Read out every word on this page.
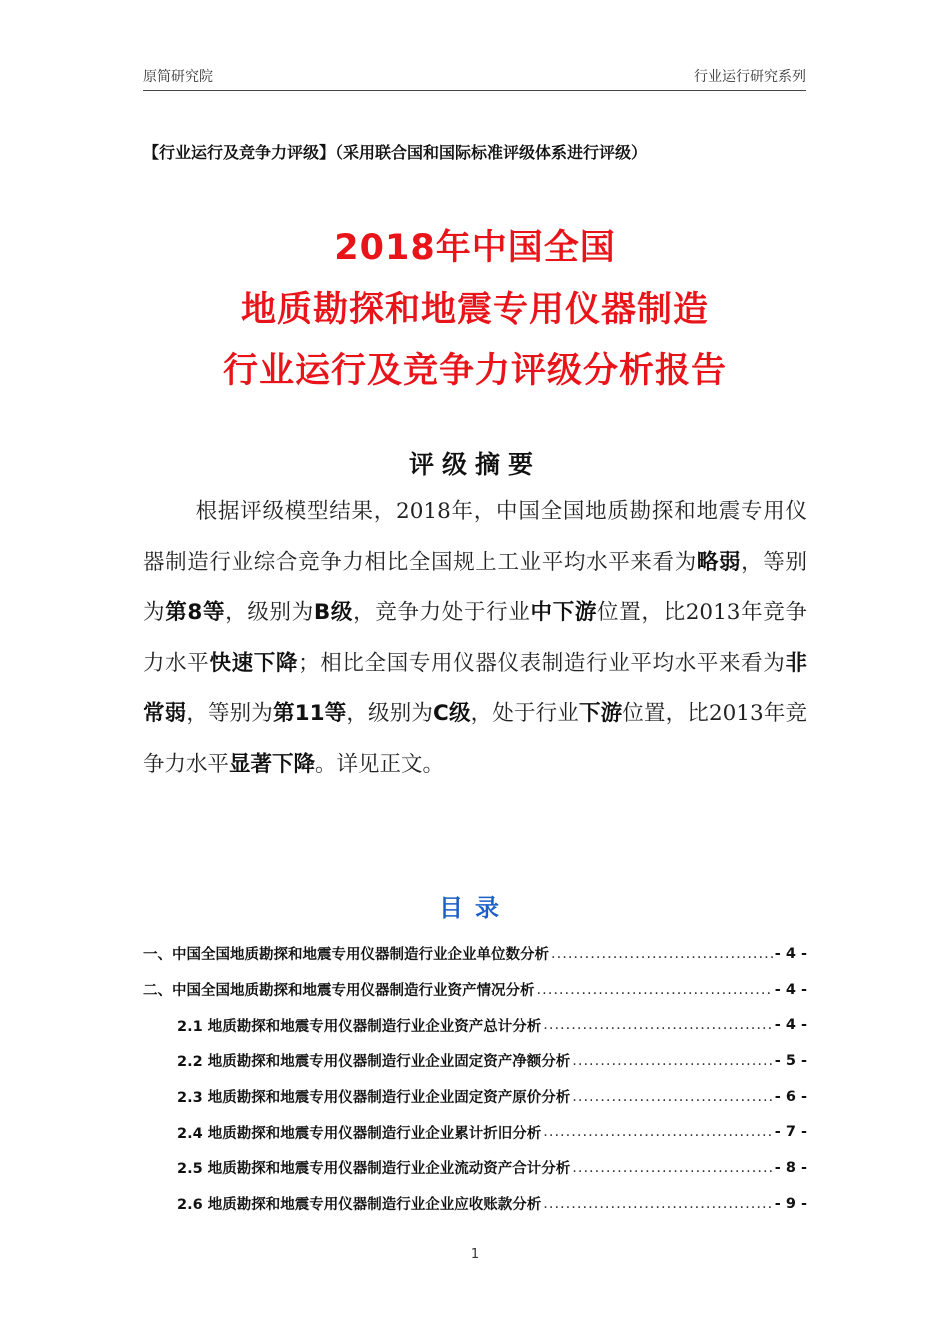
原简研究院	行业运行研究系列
【行业运行及竞争力评级】（采用联合国和国际标准评级体系进行评级）
2018年中国全国
地质勘探和地震专用仪器制造
行业运行及竞争力评级分析报告
评级摘要
根据评级模型结果，2018年，中国全国地质勘探和地震专用仪器制造行业综合竞争力相比全国规上工业平均水平来看为略弱，等别为第8等，级别为B级，竞争力处于行业中下游位置，比2013年竞争力水平快速下降；相比全国专用仪器仪表制造行业平均水平来看为非常弱，等别为第11等，级别为C级，处于行业下游位置，比2013年竞争力水平显著下降。详见正文。
目录
一、中国全国地质勘探和地震专用仪器制造行业企业单位数分析 .....	- 4 -
二、中国全国地质勘探和地震专用仪器制造行业资产情况分析 .....	- 4 -
2.1 地质勘探和地震专用仪器制造行业企业资产总计分析 .....	- 4 -
2.2 地质勘探和地震专用仪器制造行业企业固定资产净额分析 .....	- 5 -
2.3 地质勘探和地震专用仪器制造行业企业固定资产原价分析 .....	- 6 -
2.4 地质勘探和地震专用仪器制造行业企业累计折旧分析 .....	- 7 -
2.5 地质勘探和地震专用仪器制造行业企业流动资产合计分析 .....	- 8 -
2.6 地质勘探和地震专用仪器制造行业企业应收账款分析 .....	- 9 -
1
